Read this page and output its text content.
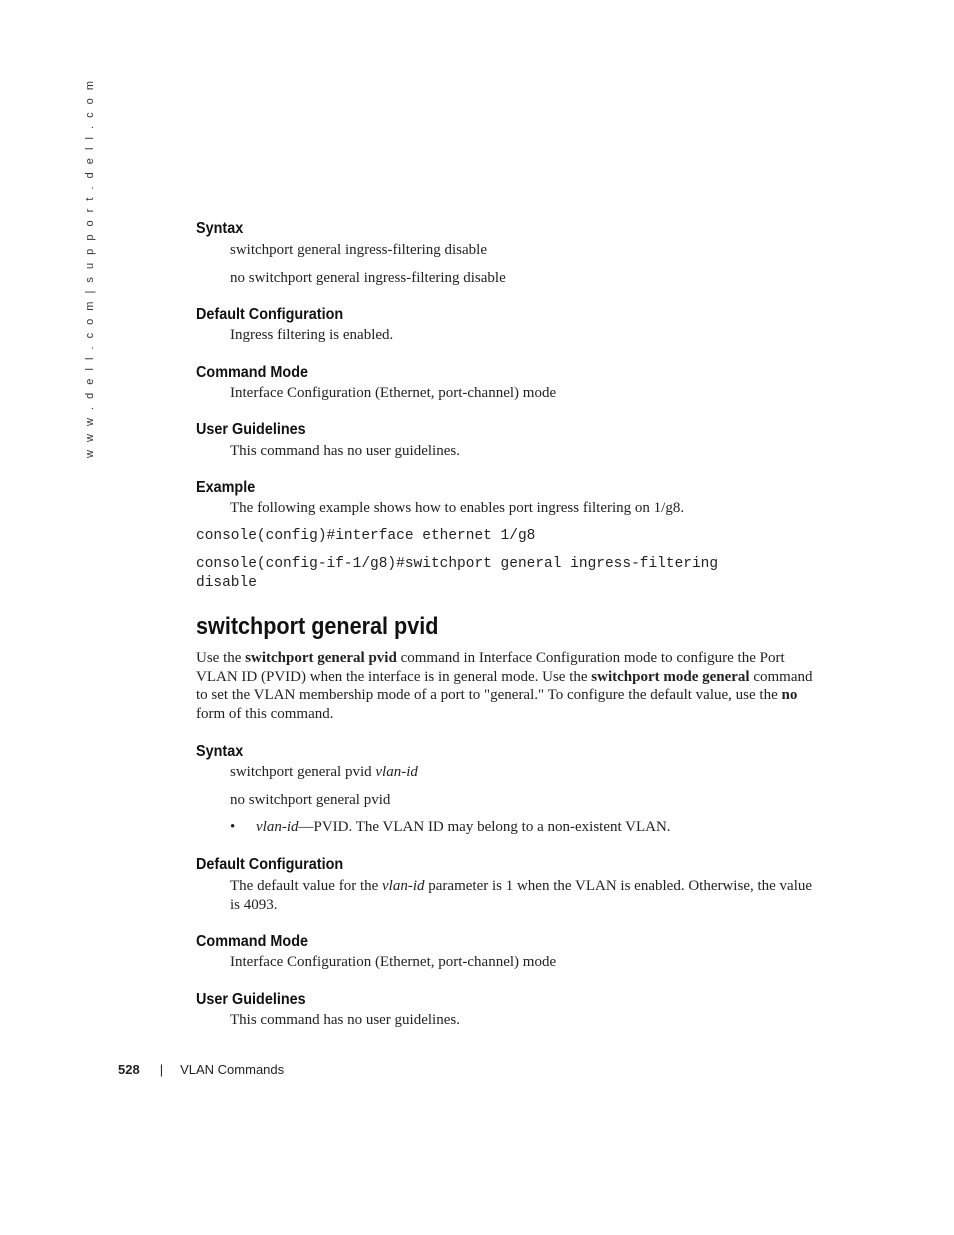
w w w . d e l l . c o m | s u p p o r t . d e l l . c o m	Syntax
switchport general ingress-filtering disable
no switchport general ingress-filtering disable
Default Configuration
Ingress filtering is enabled.
Command Mode
Interface Configuration (Ethernet, port-channel) mode
User Guidelines
This command has no user guidelines.
Example
The following example shows how to enables port ingress filtering on 1/g8.
console(config)#interface ethernet 1/g8
console(config-if-1/g8)#switchport general ingress-filtering
disable
switchport general pvid
Use the switchport general pvid command in Interface Configuration mode to configure the Port VLAN ID (PVID) when the interface is in general mode. Use the switchport mode general command to set the VLAN membership mode of a port to "general." To configure the default value, use the no form of this command.
Syntax
switchport general pvid vlan-id
no switchport general pvid
• vlan-id—PVID. The VLAN ID may belong to a non-existent VLAN.
Default Configuration
The default value for the vlan-id parameter is 1 when the VLAN is enabled. Otherwise, the value is 4093.
Command Mode
Interface Configuration (Ethernet, port-channel) mode
User Guidelines
This command has no user guidelines.
528 | VLAN Commands
